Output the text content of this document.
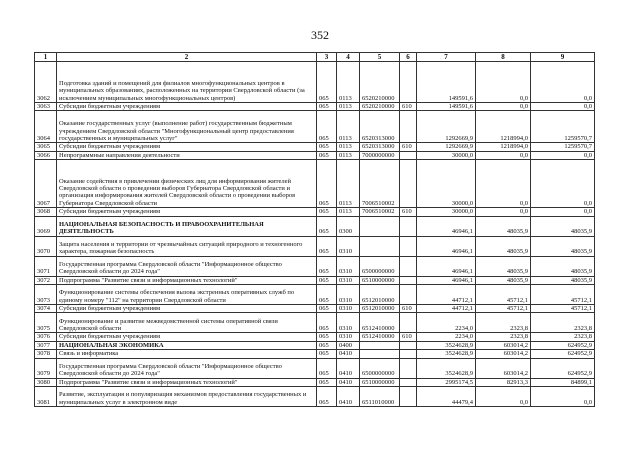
352
1	2	3	4	5	6	7	8	9
3062	Подготовка зданий и помещений для филиалов многофункциональных центров в муниципальных образованиях, расположенных на территории Свердловской области (за исключением муниципальных многофункциональных центров)	065	0113	6520210000		149591,6	0,0	0,0
3063	Субсидии бюджетным учреждениям	065	0113	6520210000	610	149591,6	0,0	0,0
3064	Оказание государственных услуг (выполнение работ) государственным бюджетным учреждением Свердловской области "Многофункциональный центр предоставления государственных и муниципальных услуг"	065	0113	6520313000		1292669,9	1218994,0	1259570,7
3065	Субсидии бюджетным учреждениям	065	0113	6520313000	610	1292669,9	1218994,0	1259570,7
3066	Непрограммные направления деятельности	065	0113	7000000000		30000,0	0,0	0,0
3067	Оказание содействия в привлечении физических лиц для информирования жителей Свердловской области о проведении выборов Губернатора Свердловской области и организация информирования жителей Свердловской области о проведении выборов Губернатора Свердловской области	065	0113	7006510002		30000,0	0,0	0,0
3068	Субсидии бюджетным учреждениям	065	0113	7006510002	610	30000,0	0,0	0,0
3069	НАЦИОНАЛЬНАЯ БЕЗОПАСНОСТЬ И ПРАВООХРАНИТЕЛЬНАЯ ДЕЯТЕЛЬНОСТЬ	065	0300			46946,1	48035,9	48035,9
3070	Защита населения и территории от чрезвычайных ситуаций природного и техногенного характера, пожарная безопасность	065	0310			46946,1	48035,9	48035,9
3071	Государственная программа Свердловской области "Информационное общество Свердловской области до 2024 года"	065	0310	6500000000		46946,1	48035,9	48035,9
3072	Подпрограмма "Развитие связи и информационных технологий"	065	0310	6510000000		46946,1	48035,9	48035,9
3073	Функционирование системы обеспечения вызова экстренных оперативных служб по единому номеру "112" на территории Свердловской области	065	0310	6512010000		44712,1	45712,1	45712,1
3074	Субсидии бюджетным учреждениям	065	0310	6512010000	610	44712,1	45712,1	45712,1
3075	Функционирование и развитие межведомственной системы оперативной связи Свердловской области	065	0310	6512410000		2234,0	2323,8	2323,8
3076	Субсидии бюджетным учреждениям	065	0310	6512410000	610	2234,0	2323,8	2323,8
3077	НАЦИОНАЛЬНАЯ ЭКОНОМИКА	065	0400			3524628,9	603014,2	624952,9
3078	Связь и информатика	065	0410			3524628,9	603014,2	624952,9
3079	Государственная программа Свердловской области "Информационное общество Свердловской области до 2024 года"	065	0410	6500000000		3524628,9	603014,2	624952,9
3080	Подпрограмма "Развитие связи и информационных технологий"	065	0410	6510000000		2995174,5	82913,3	84899,1
3081	Развитие, эксплуатация и популяризация механизмов предоставления государственных и муниципальных услуг в электронном виде	065	0410	6511010000		44479,4	0,0	0,0
